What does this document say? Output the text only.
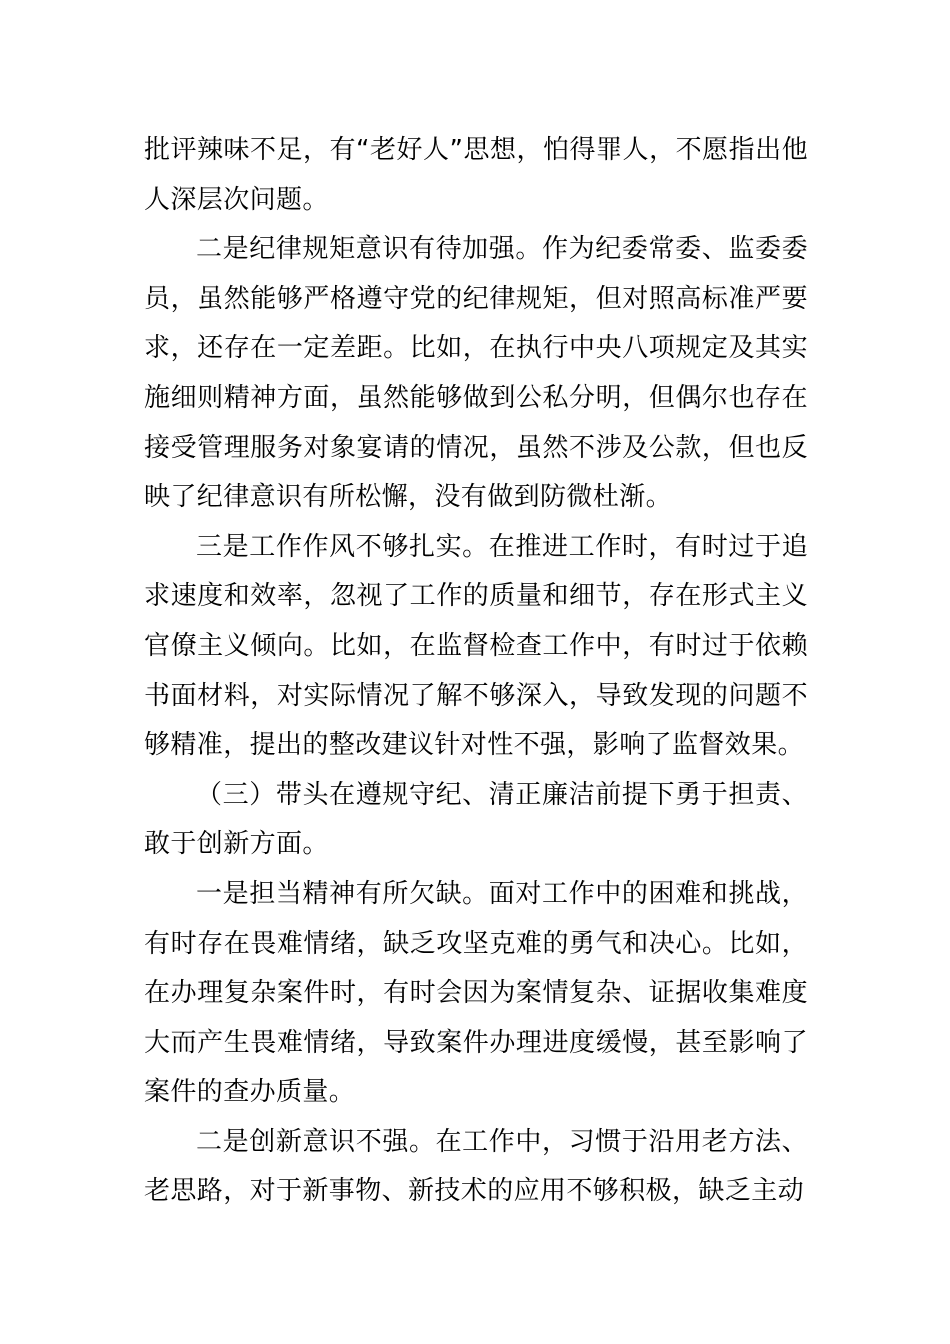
批评辣味不足，有“老好人”思想，怕得罪人，不愿指出他人深层次问题。

二是纪律规矩意识有待加强。作为纪委常委、监委委员，虽然能够严格遵守党的纪律规矩，但对照高标准严要求，还存在一定差距。比如，在执行中央八项规定及其实施细则精神方面，虽然能够做到公私分明，但偶尔也存在接受管理服务对象宴请的情况，虽然不涉及公款，但也反映了纪律意识有所松懈，没有做到防微杜渐。

三是工作作风不够扎实。在推进工作时，有时过于追求速度和效率，忽视了工作的质量和细节，存在形式主义官僚主义倾向。比如，在监督检查工作中，有时过于依赖书面材料，对实际情况了解不够深入，导致发现的问题不够精准，提出的整改建议针对性不强，影响了监督效果。

（三）带头在遵规守纪、清正廉洁前提下勇于担责、敢于创新方面。

一是担当精神有所欠缺。面对工作中的困难和挑战，有时存在畏难情绪，缺乏攻坚克难的勇气和决心。比如，在办理复杂案件时，有时会因为案情复杂、证据收集难度大而产生畏难情绪，导致案件办理进度缓慢，甚至影响了案件的查办质量。

二是创新意识不强。在工作中，习惯于沿用老方法、老思路，对于新事物、新技术的应用不够积极，缺乏主动
